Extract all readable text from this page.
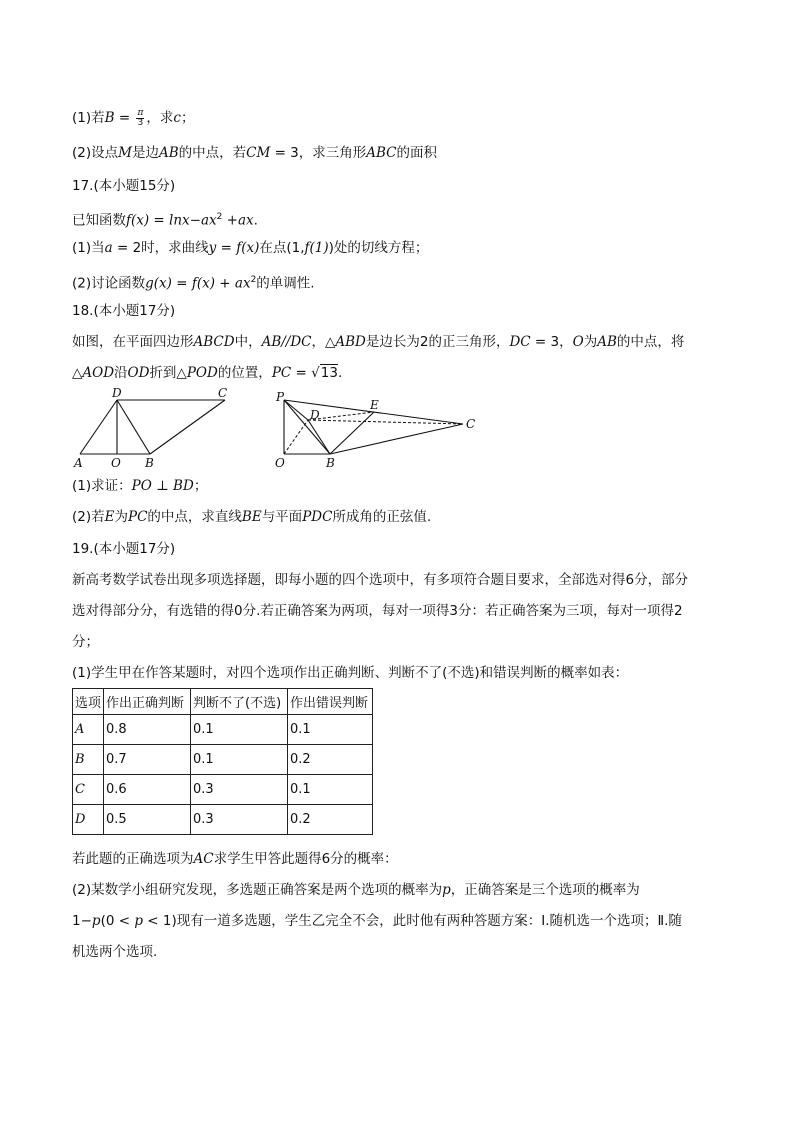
(1)若$B = \frac{\pi}{3}$ ，求c；
(2)设点M是边AB的中点，若CM = 3，求三角形ABC的面积
17.(本小题15分)
已知函数$f(x) = \ln x-ax^2 +ax$.
(1)当a = 2时，求曲线y = f(x)在点(1,f(1))处的切线方程；
(2)讨论函数$g(x) = f(x) + ax^2$的单调性.
18.(本小题17分)
如图，在平面四边形ABCD中，AB//DC，△ABD是边长为2的正三角形，DC = 3，O为AB的中点，将
△AOD沿OD折到△POD的位置，PC = √13.
D	C
A O B
P
D
E
C
O	B
(1)求证：PO ⊥ BD；
(2)若E为PC的中点，求直线BE与平面PDC所成角的正弦值.
19.(本小题17分)
新高考数学试卷出现多项选择题，即每小题的四个选项中，有多项符合题目要求，全部选对得6分，部分
选对得部分分，有选错的得0分.若正确答案为两项，每对一项得3分：若正确答案为三项，每对一项得2
分；
(1)学生甲在作答某题时，对四个选项作出正确判断、判断不了(不选)和错误判断的概率如表：
选项	作出正确判断	判断不了(不选)	作出错误判断
A	0.8	0.1	0.1
B	0.7	0.1	0.2
C	0.6	0.3	0.1
D	0.5	0.3	0.2
若此题的正确选项为AC求学生甲答此题得6分的概率：
(2)某数学小组研究发现，多选题正确答案是两个选项的概率为p，正确答案是三个选项的概率为
1−p(0 < p < 1)现有一道多选题，学生乙完全不会，此时他有两种答题方案：Ⅰ.随机选一个选项；Ⅱ.随
机选两个选项.
